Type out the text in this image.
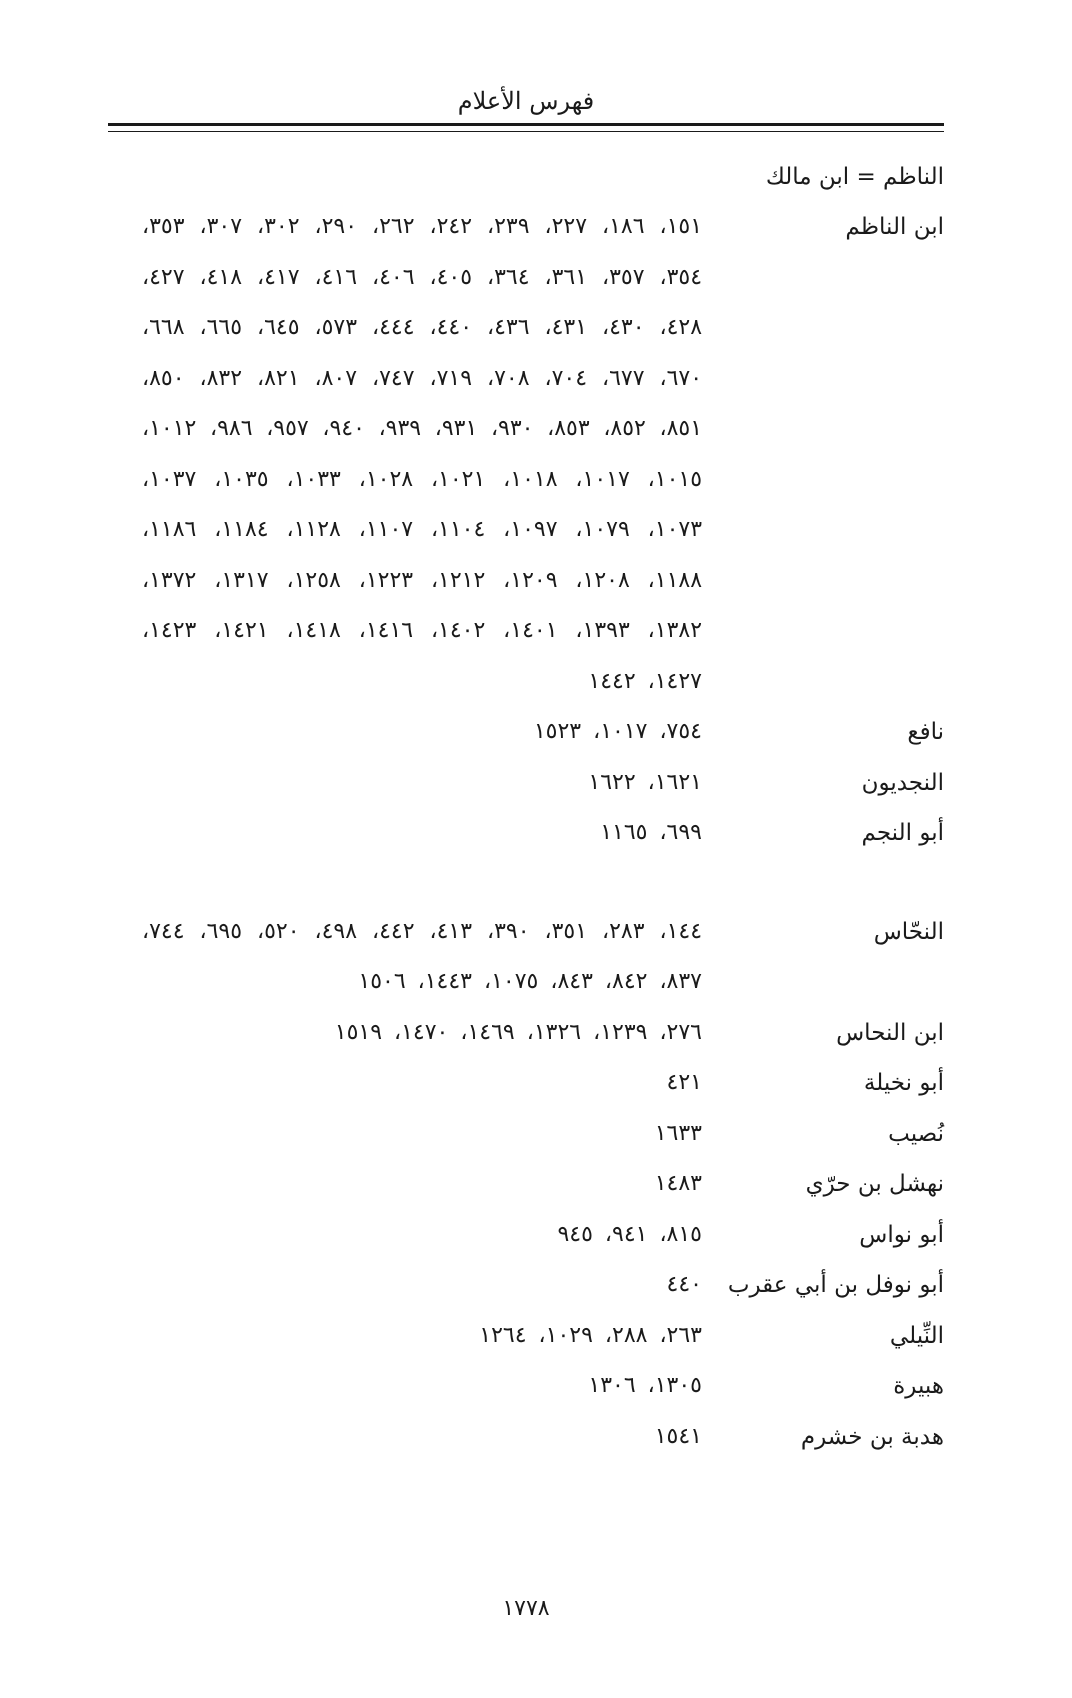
فهرس الأعلام
الناظم = ابن مالك
ابن الناظم
١٥١، ١٨٦، ٢٢٧، ٢٣٩، ٢٤٢، ٢٦٢، ٢٩٠، ٣٠٢، ٣٠٧، ٣٥٣، ٣٥٤، ٣٥٧، ٣٦١، ٣٦٤، ٤٠٥، ٤٠٦، ٤١٦، ٤١٧، ٤١٨، ٤٢٧، ٤٢٨، ٤٣٠، ٤٣١، ٤٣٦، ٤٤٠، ٤٤٤، ٥٧٣، ٦٤٥، ٦٦٥، ٦٦٨، ٦٧٠، ٦٧٧، ٧٠٤، ٧٠٨، ٧١٩، ٧٤٧، ٨٠٧، ٨٢١، ٨٣٢، ٨٥٠، ٨٥١، ٨٥٢، ٨٥٣، ٩٣٠، ٩٣١، ٩٣٩، ٩٤٠، ٩٥٧، ٩٨٦، ١٠١٢، ١٠١٥، ١٠١٧، ١٠١٨، ١٠٢١، ١٠٢٨، ١٠٣٣، ١٠٣٥، ١٠٣٧، ١٠٧٣، ١٠٧٩، ١٠٩٧، ١١٠٤، ١١٠٧، ١١٢٨، ١١٨٤، ١١٨٦، ١١٨٨، ١٢٠٨، ١٢٠٩، ١٢١٢، ١٢٢٣، ١٢٥٨، ١٣١٧، ١٣٧٢، ١٣٨٢، ١٣٩٣، ١٤٠١، ١٤٠٢، ١٤١٦، ١٤١٨، ١٤٢١، ١٤٢٣، ١٤٢٧، ١٤٤٢
نافع
٧٥٤، ١٠١٧، ١٥٢٣
النجديون
١٦٢١، ١٦٢٢
أبو النجم
٦٩٩، ١١٦٥
النحّاس
١٤٤، ٢٨٣، ٣٥١، ٣٩٠، ٤١٣، ٤٤٢، ٤٩٨، ٥٢٠، ٦٩٥، ٧٤٤، ٨٣٧، ٨٤٢، ٨٤٣، ١٠٧٥، ١٤٤٣، ١٥٠٦
ابن النحاس
٢٧٦، ١٢٣٩، ١٣٢٦، ١٤٦٩، ١٤٧٠، ١٥١٩
أبو نخيلة
٤٢١
نُصيب
١٦٣٣
نهشل بن حرّي
١٤٨٣
أبو نواس
٨١٥، ٩٤١، ٩٤٥
أبو نوفل بن أبي عقرب
٤٤٠
النِّيلي
٢٦٣، ٢٨٨، ١٠٢٩، ١٢٦٤
هبيرة
١٣٠٥، ١٣٠٦
هدبة بن خشرم
١٥٤١
١٧٧٨
